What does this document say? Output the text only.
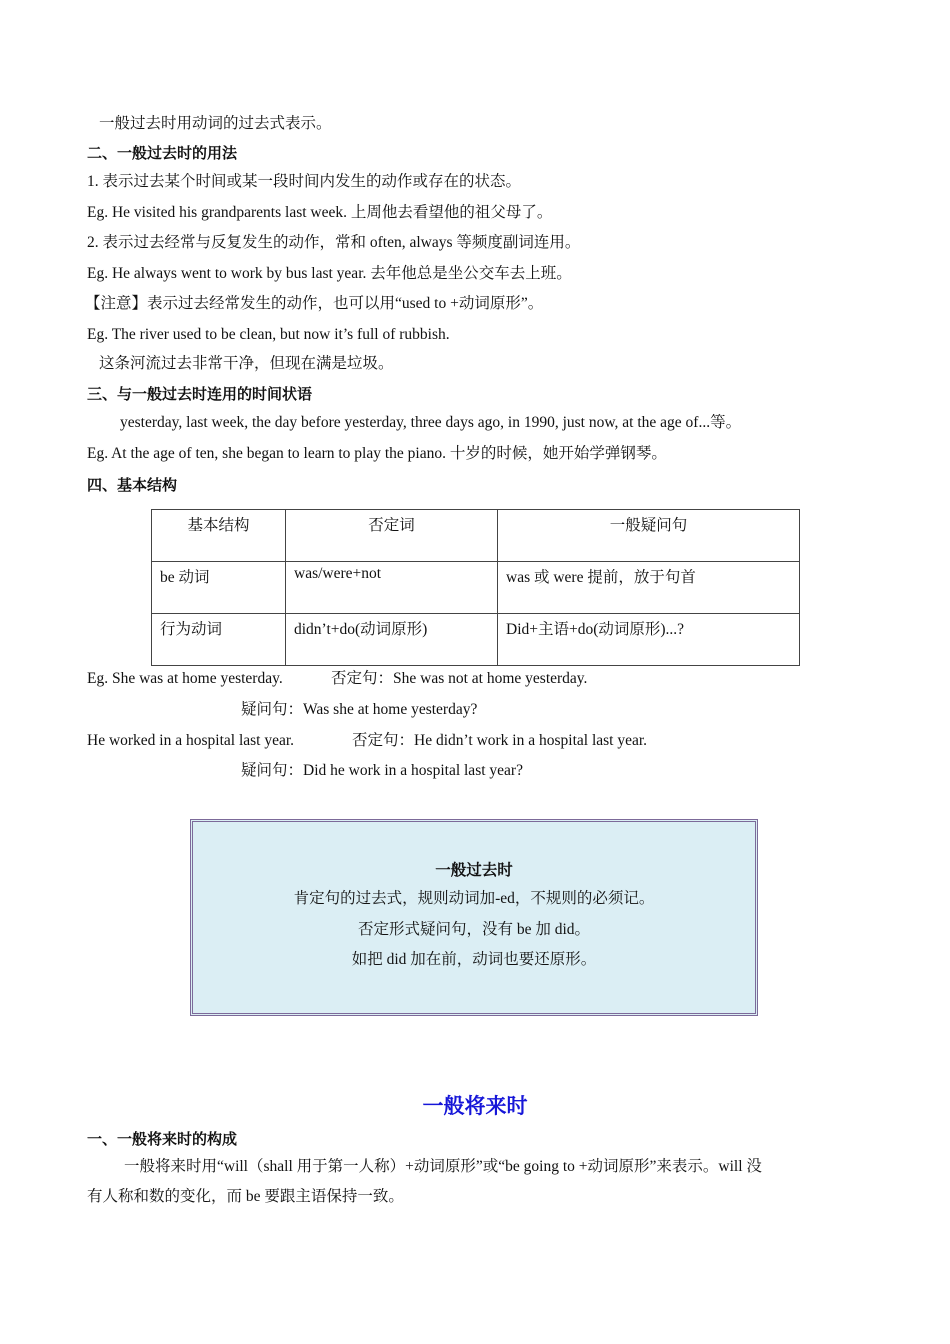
一般过去时用动词的过去式表示。
二、一般过去时的用法
1. 表示过去某个时间或某一段时间内发生的动作或存在的状态。
Eg. He visited his grandparents last week. 上周他去看望他的祖父母了。
2. 表示过去经常与反复发生的动作，常和 often, always 等频度副词连用。
Eg. He always went to work by bus last year. 去年他总是坐公交车去上班。
【注意】表示过去经常发生的动作，也可以用“used to +动词原形”。
Eg. The river used to be clean, but now it’s full of rubbish.
这条河流过去非常干净，但现在满是垃圾。
三、与一般过去时连用的时间状语
yesterday, last week, the day before yesterday, three days ago, in 1990, just now, at the age of...等。
Eg. At the age of ten, she began to learn to play the piano. 十岁的时候，她开始学弹钢琴。
四、基本结构
基本结构	否定词	一般疑问句
be 动词	was/were+not	was 或 were 提前，放于句首
行为动词	didn’t+do(动词原形)	Did+主语+do(动词原形)...?
Eg. She was at home yesterday.	否定句：She was not at home yesterday.
疑问句：Was she at home yesterday?
He worked in a hospital last year.	否定句：He didn’t work in a hospital last year.
疑问句：Did he work in a hospital last year?
一般过去时
肯定句的过去式，规则动词加-ed，不规则的必须记。
否定形式疑问句，没有 be 加 did。
如把 did 加在前，动词也要还原形。
一般将来时
一、一般将来时的构成
一般将来时用“will（shall 用于第一人称）+动词原形”或“be going to +动词原形”来表示。will 没
有人称和数的变化，而 be 要跟主语保持一致。
